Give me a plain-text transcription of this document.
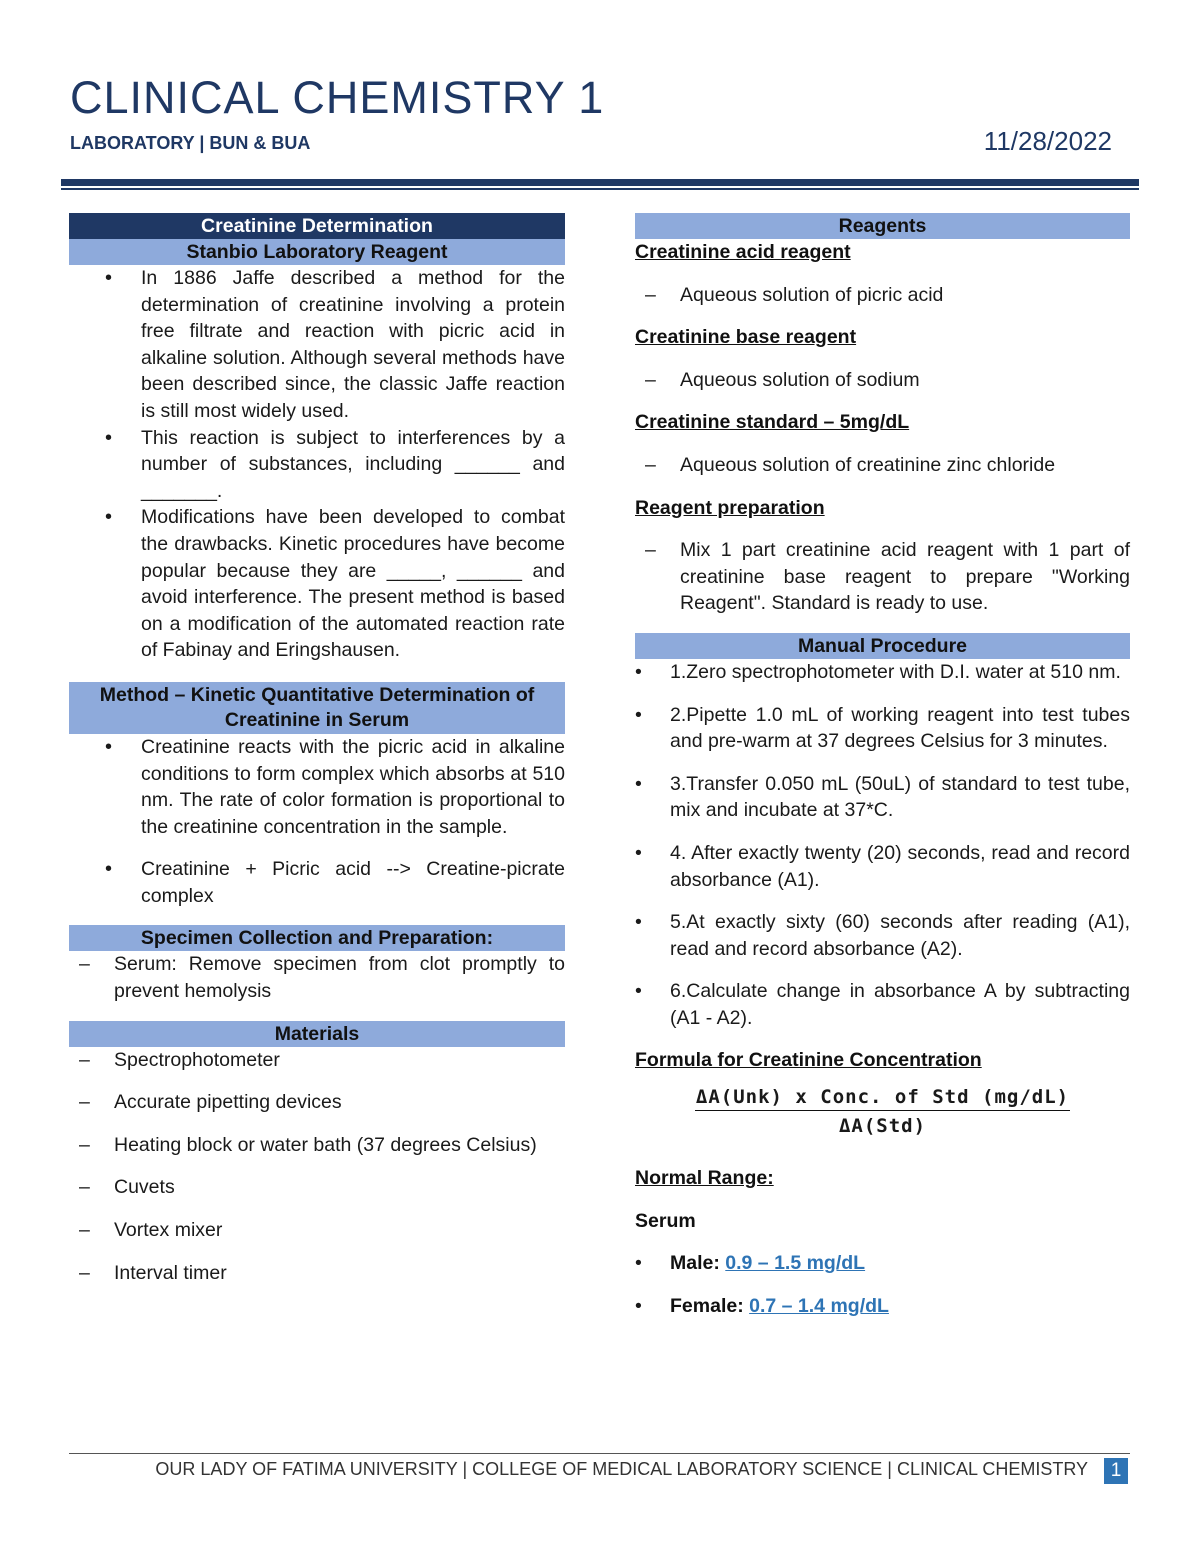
CLINICAL CHEMISTRY 1
LABORATORY | BUN & BUA	11/28/2022
Creatinine Determination
Stanbio Laboratory Reagent
• In 1886 Jaffe described a method for the determination of creatinine involving a protein free filtrate and reaction with picric acid in alkaline solution. Although several methods have been described since, the classic Jaffe reaction is still most widely used.
• This reaction is subject to interferences by a number of substances, including ______ and _______.
• Modifications have been developed to combat the drawbacks. Kinetic procedures have become popular because they are _____, ______ and avoid interference. The present method is based on a modification of the automated reaction rate of Fabinay and Eringshausen.
Method – Kinetic Quantitative Determination of Creatinine in Serum
• Creatinine reacts with the picric acid in alkaline conditions to form complex which absorbs at 510 nm. The rate of color formation is proportional to the creatinine concentration in the sample.
• Creatinine + Picric acid --> Creatine-picrate complex
Specimen Collection and Preparation:
– Serum: Remove specimen from clot promptly to prevent hemolysis
Materials
– Spectrophotometer
– Accurate pipetting devices
– Heating block or water bath (37 degrees Celsius)
– Cuvets
– Vortex mixer
– Interval timer
Reagents
Creatinine acid reagent
– Aqueous solution of picric acid
Creatinine base reagent
– Aqueous solution of sodium
Creatinine standard – 5mg/dL
– Aqueous solution of creatinine zinc chloride
Reagent preparation
– Mix 1 part creatinine acid reagent with 1 part of creatinine base reagent to prepare "Working Reagent". Standard is ready to use.
Manual Procedure
• 1.Zero spectrophotometer with D.I. water at 510 nm.
• 2.Pipette 1.0 mL of working reagent into test tubes and pre-warm at 37 degrees Celsius for 3 minutes.
• 3.Transfer 0.050 mL (50uL) of standard to test tube, mix and incubate at 37*C.
• 4. After exactly twenty (20) seconds, read and record absorbance (A1).
• 5.At exactly sixty (60) seconds after reading (A1), read and record absorbance (A2).
• 6.Calculate change in absorbance A by subtracting (A1 - A2).
Formula for Creatinine Concentration
ΔA(Unk) x Conc. of Std (mg/dL)
ΔA(Std)
Normal Range:
Serum
• Male: 0.9 – 1.5 mg/dL
• Female: 0.7 – 1.4 mg/dL
OUR LADY OF FATIMA UNIVERSITY | COLLEGE OF MEDICAL LABORATORY SCIENCE | CLINICAL CHEMISTRY	1
